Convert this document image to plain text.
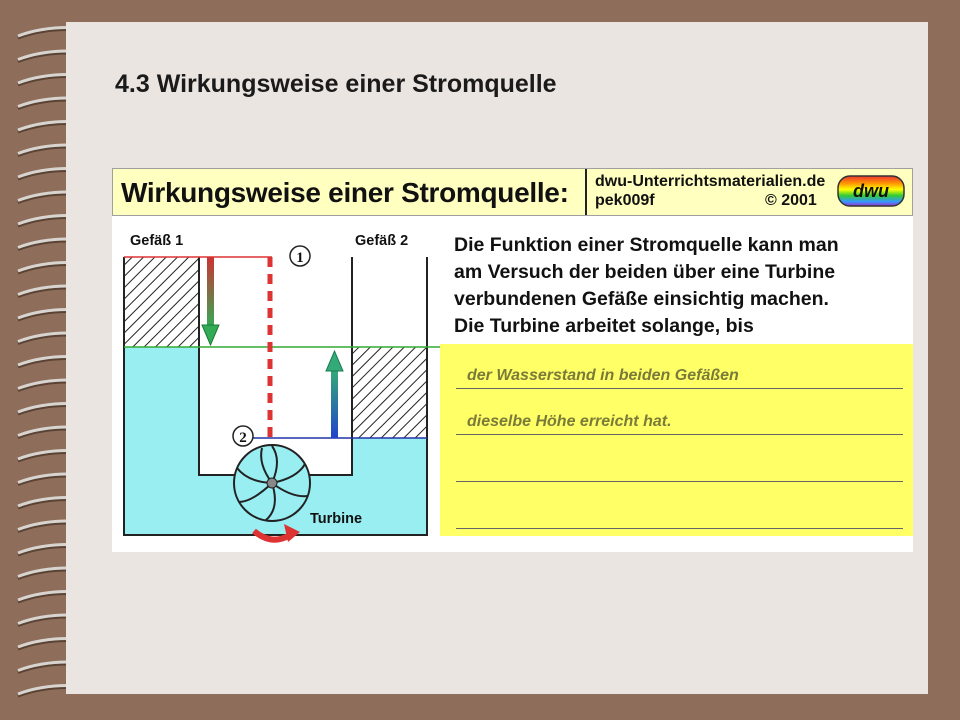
4.3 Wirkungsweise einer Stromquelle
Wirkungsweise einer Stromquelle: dwu-Unterrichtsmaterialien.de
pek009f	© 2001 dwu
Gefäß 1	Gefäß 2
1
2
Turbine

Die Funktion einer Stromquelle kann man
am Versuch der beiden über eine Turbine
verbundenen Gefäße einsichtig machen.
Die Turbine arbeitet solange, bis

der Wasserstand in beiden Gefäßen
dieselbe Höhe erreicht hat.
